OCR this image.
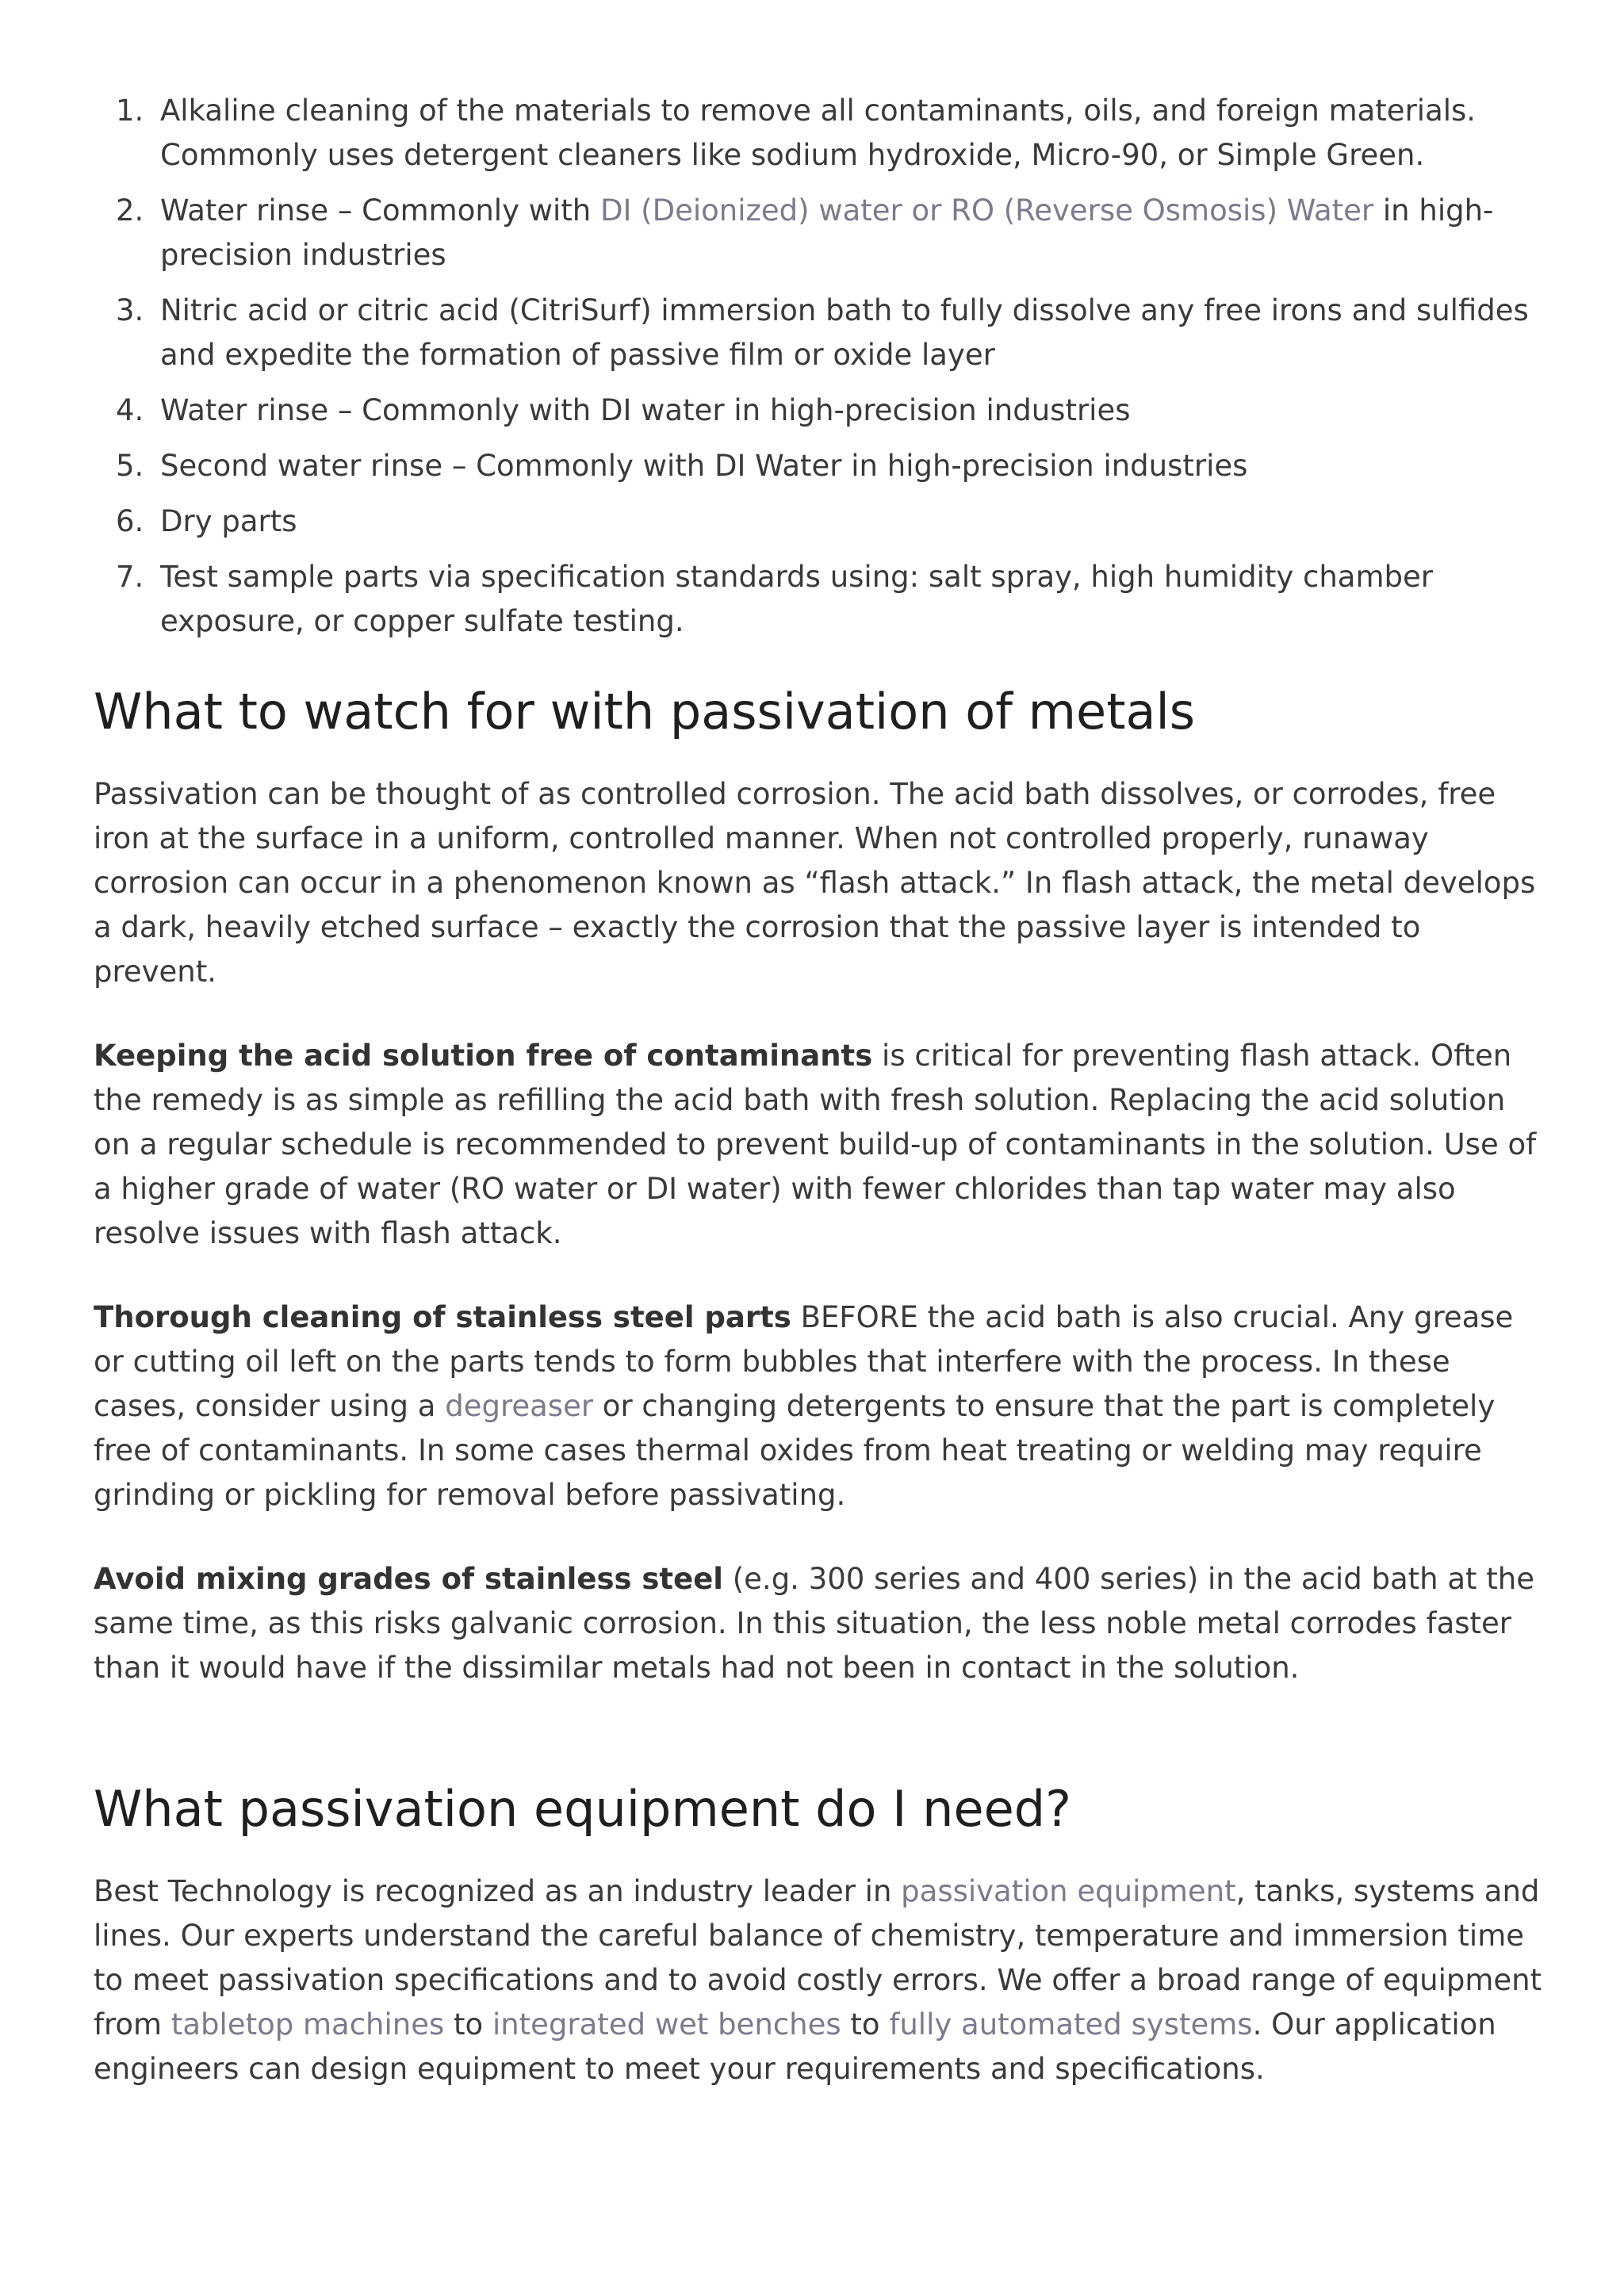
1. Alkaline cleaning of the materials to remove all contaminants, oils, and foreign materials. Commonly uses detergent cleaners like sodium hydroxide, Micro-90, or Simple Green.
2. Water rinse – Commonly with DI (Deionized) water or RO (Reverse Osmosis) Water in high-precision industries
3. Nitric acid or citric acid (CitriSurf) immersion bath to fully dissolve any free irons and sulfides and expedite the formation of passive film or oxide layer
4. Water rinse – Commonly with DI water in high-precision industries
5. Second water rinse – Commonly with DI Water in high-precision industries
6. Dry parts
7. Test sample parts via specification standards using: salt spray, high humidity chamber exposure, or copper sulfate testing.
What to watch for with passivation of metals

Passivation can be thought of as controlled corrosion. The acid bath dissolves, or corrodes, free iron at the surface in a uniform, controlled manner. When not controlled properly, runaway corrosion can occur in a phenomenon known as “flash attack.” In flash attack, the metal develops a dark, heavily etched surface – exactly the corrosion that the passive layer is intended to prevent.

Keeping the acid solution free of contaminants is critical for preventing flash attack. Often the remedy is as simple as refilling the acid bath with fresh solution. Replacing the acid solution on a regular schedule is recommended to prevent build-up of contaminants in the solution. Use of a higher grade of water (RO water or DI water) with fewer chlorides than tap water may also resolve issues with flash attack.

Thorough cleaning of stainless steel parts BEFORE the acid bath is also crucial. Any grease or cutting oil left on the parts tends to form bubbles that interfere with the process. In these cases, consider using a degreaser or changing detergents to ensure that the part is completely free of contaminants. In some cases thermal oxides from heat treating or welding may require grinding or pickling for removal before passivating.

Avoid mixing grades of stainless steel (e.g. 300 series and 400 series) in the acid bath at the same time, as this risks galvanic corrosion. In this situation, the less noble metal corrodes faster than it would have if the dissimilar metals had not been in contact in the solution.

What passivation equipment do I need?

Best Technology is recognized as an industry leader in passivation equipment, tanks, systems and lines. Our experts understand the careful balance of chemistry, temperature and immersion time to meet passivation specifications and to avoid costly errors. We offer a broad range of equipment from tabletop machines to integrated wet benches to fully automated systems. Our application engineers can design equipment to meet your requirements and specifications.
